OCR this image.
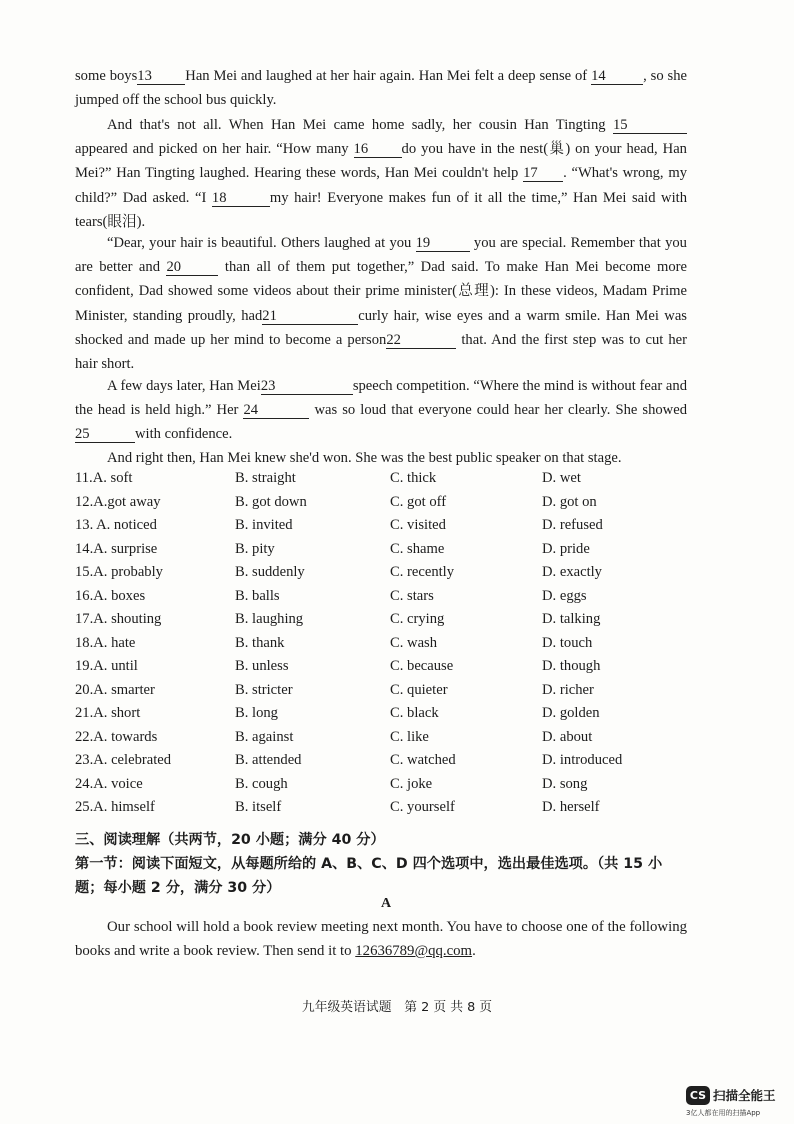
some boys13 Han Mei and laughed at her hair again. Han Mei felt a deep sense of 14	, so she jumped off the school bus quickly.

And that's not all. When Han Mei came home sadly, her cousin Han Tingting 15 appeared and picked on her hair. “How many 16 do you have in the nest(巢) on your head, Han Mei?” Han Tingting laughed. Hearing these words, Han Mei couldn't help 17 . “What's wrong, my child?” Dad asked. “I 18	my hair! Everyone makes fun of it all the time,” Han Mei said with tears(眼泪).

“Dear, your hair is beautiful. Others laughed at you 19	you are special. Remember that you are better and 20	than all of them put together,” Dad said. To make Han Mei become more confident, Dad showed some videos about their prime minister(总理): In these videos, Madam Prime Minister, standing proudly, had21	curly hair, wise eyes and a warm smile. Han Mei was shocked and made up her mind to become a person22	that. And the first step was to cut her hair short.

A few days later, Han Mei23	speech competition. “Where the mind is without fear and the head is held high.” Her 24	was so loud that everyone could hear her clearly. She showed 25	with confidence.

And right then, Han Mei knew she'd won. She was the best public speaker on that stage.

11.A. soft	B. straight	C. thick	D. wet
12.A.got away	B. got down	C. got off	D. got on
13. A. noticed	B. invited	C. visited	D. refused
14.A. surprise	B. pity	C. shame	D. pride
15.A. probably	B. suddenly	C. recently	D. exactly
16.A. boxes	B. balls	C. stars	D. eggs
17.A. shouting	B. laughing	C. crying	D. talking
18.A. hate	B. thank	C. wash	D. touch
19.A. until	B. unless	C. because	D. though
20.A. smarter	B. stricter	C. quieter	D. richer
21.A. short	B. long	C. black	D. golden
22.A. towards	B. against	C. like	D. about
23.A. celebrated	B. attended	C. watched	D. introduced
24.A. voice	B. cough	C. joke	D. song
25.A. himself	B. itself	C. yourself	D. herself

三、阅读理解（共两节，20 小题；满分 40 分）

第一节：阅读下面短文，从每题所给的 A、B、C、D 四个选项中，选出最佳选项。（共 15 小题；每小题 2 分，满分 30 分）

A

Our school will hold a book review meeting next month. You have to choose one of the following books and write a book review. Then send it to 12636789@qq.com.

九年级英语试题　第 2 页 共 8 页
CS 扫描全能王
3亿人都在用的扫描App
